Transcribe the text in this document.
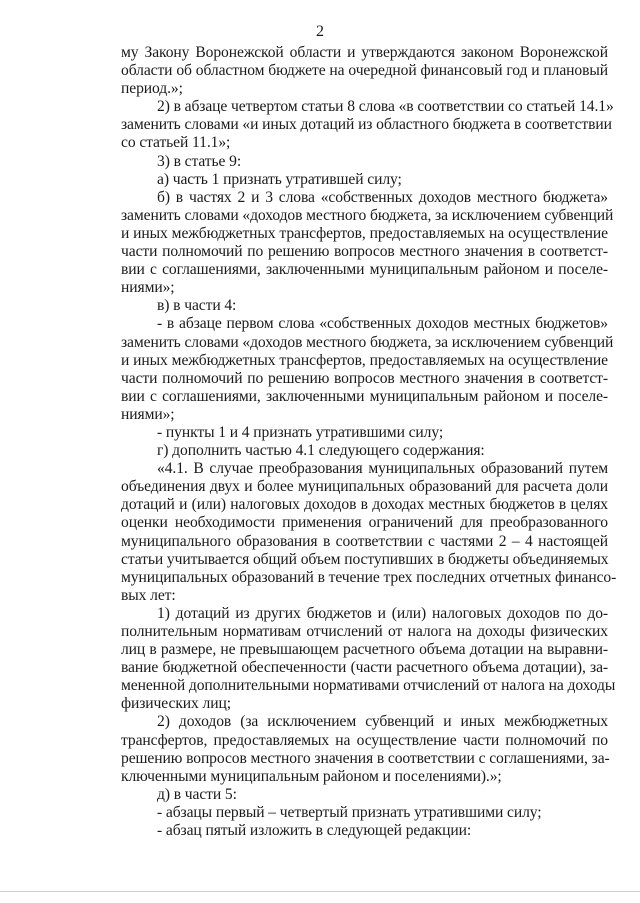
2
му Закону Воронежской области и утверждаются законом Воронежской
области об областном бюджете на очередной финансовый год и плановый
период.»;
2) в абзаце четвертом статьи 8 слова «в соответствии со статьей 14.1»
заменить словами «и иных дотаций из областного бюджета в соответствии
со статьей 11.1»;
3) в статье 9:
а) часть 1 признать утратившей силу;
б) в частях 2 и 3 слова «собственных доходов местного бюджета»
заменить словами «доходов местного бюджета, за исключением субвенций
и иных межбюджетных трансфертов, предоставляемых на осуществление
части полномочий по решению вопросов местного значения в соответст-
вии с соглашениями, заключенными муниципальным районом и поселе-
ниями»;
в) в части 4:
- в абзаце первом слова «собственных доходов местных бюджетов»
заменить словами «доходов местного бюджета, за исключением субвенций
и иных межбюджетных трансфертов, предоставляемых на осуществление
части полномочий по решению вопросов местного значения в соответст-
вии с соглашениями, заключенными муниципальным районом и поселе-
ниями»;
- пункты 1 и 4 признать утратившими силу;
г) дополнить частью 4.1 следующего содержания:
«4.1. В случае преобразования муниципальных образований путем
объединения двух и более муниципальных образований для расчета доли
дотаций и (или) налоговых доходов в доходах местных бюджетов в целях
оценки необходимости применения ограничений для преобразованного
муниципального образования в соответствии с частями 2 – 4 настоящей
статьи учитывается общий объем поступивших в бюджеты объединяемых
муниципальных образований в течение трех последних отчетных финансо-
вых лет:
1) дотаций из других бюджетов и (или) налоговых доходов по до-
полнительным нормативам отчислений от налога на доходы физических
лиц в размере, не превышающем расчетного объема дотации на выравни-
вание бюджетной обеспеченности (части расчетного объема дотации), за-
мененной дополнительными нормативами отчислений от налога на доходы
физических лиц;
2) доходов (за исключением субвенций и иных межбюджетных
трансфертов, предоставляемых на осуществление части полномочий по
решению вопросов местного значения в соответствии с соглашениями, за-
ключенными муниципальным районом и поселениями).»;
д) в части 5:
- абзацы первый – четвертый признать утратившими силу;
- абзац пятый изложить в следующей редакции:
